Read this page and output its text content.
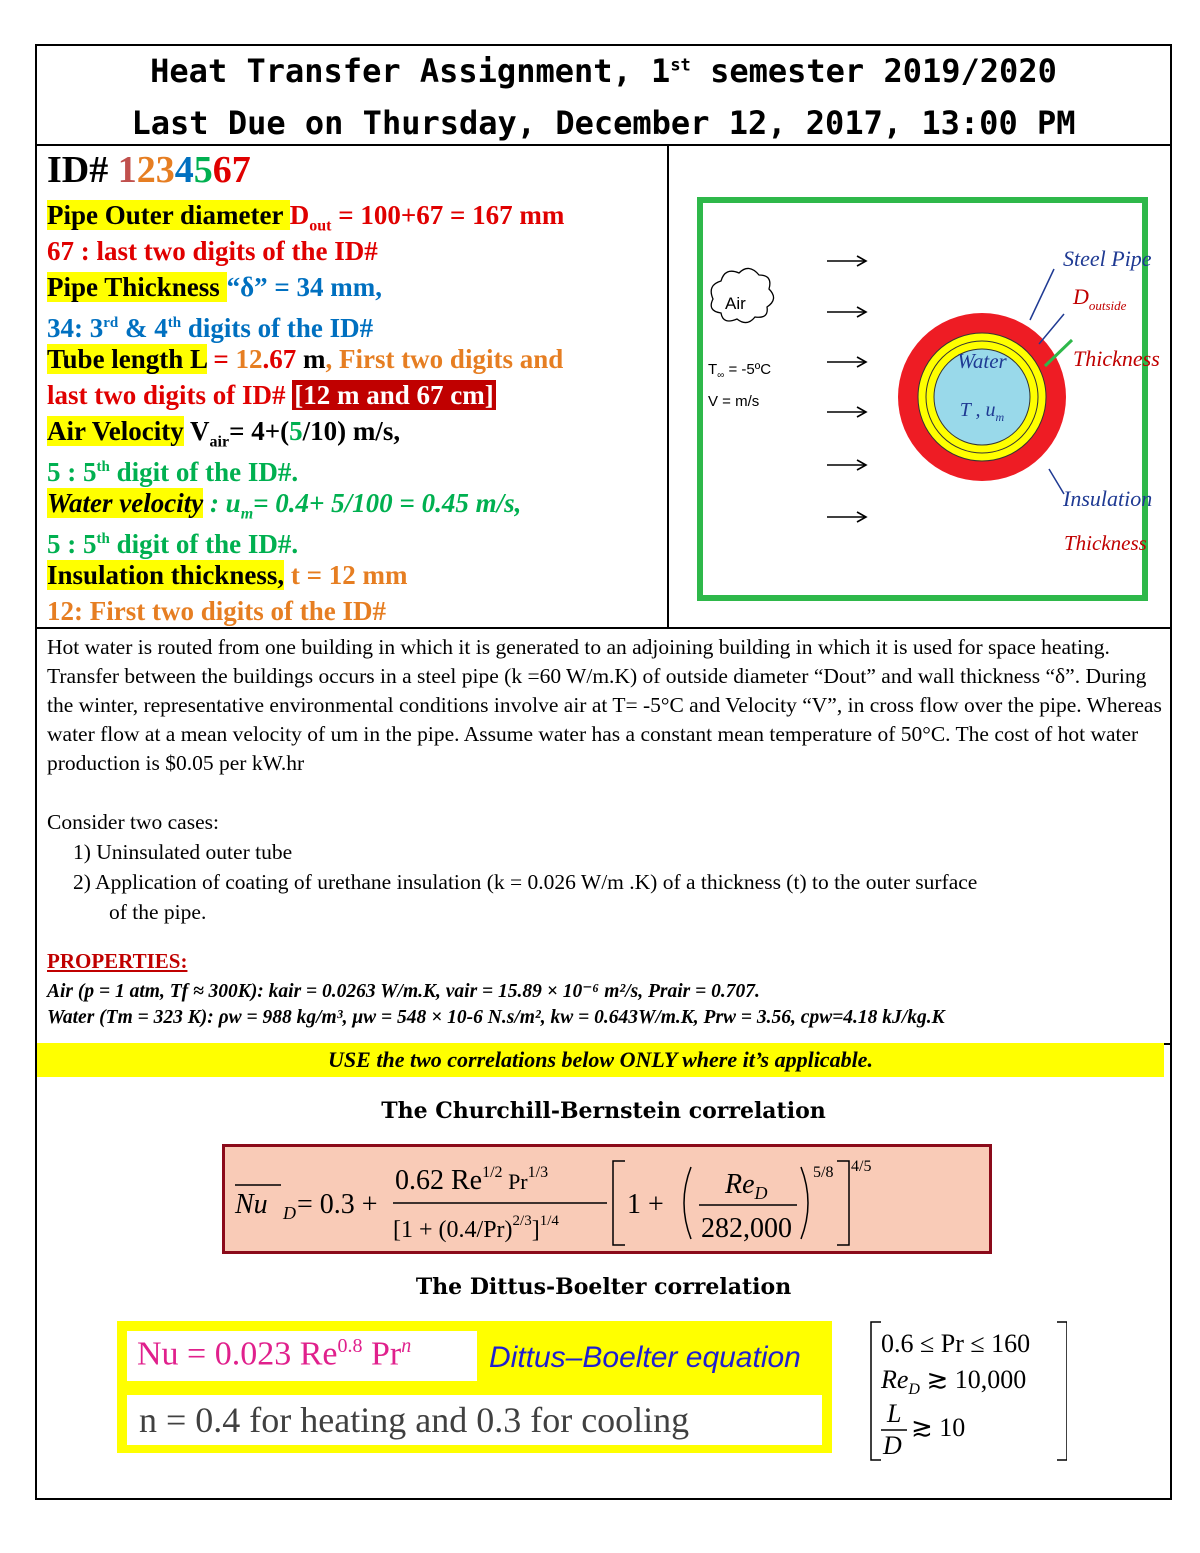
Heat Transfer Assignment, 1st semester 2019/2020
Last Due on Thursday, December 12, 2017, 13:00 PM
ID# 1234567
Pipe Outer diameter $D_{out} = 100+67 = 167$ mm
67 : last two digits of the ID#
Pipe Thickness “δ” = 34 mm,
34: 3rd & 4th digits of the ID#
Tube length L = 12.67 m, First two digits and
last two digits of ID# [12 m and 67 cm]
Air Velocity $V_{air}= 4+(5/10)$ m/s,
5 : 5th digit of the ID#.
Water velocity : $u_m= 0.4+ 5/100 = 0.45$ m/s,
5 : 5th digit of the ID#.
Insulation thickness, t = 12 mm
12: First two digits of the ID#
Air
$T_\infty$ = -5ºC
V = m/s
Water
T , $u_m$
Steel Pipe
$D_{outside}$
Thickness
Insulation
Thickness
Hot water is routed from one building in which it is generated to an adjoining building in which it is used for space heating. Transfer between the buildings occurs in a steel pipe (k =60 W/m.K) of outside diameter “Dout” and wall thickness “δ”. During the winter, representative environmental conditions involve air at T= -5°C and Velocity “V”, in cross flow over the pipe. Whereas water flow at a mean velocity of um in the pipe. Assume water has a constant mean temperature of 50°C. The cost of hot water production is $0.05 per kW.hr
Consider two cases:
1) Uninsulated outer tube
2) Application of coating of urethane insulation (k = 0.026 W/m .K) of a thickness (t) to the outer surface
of the pipe.
PROPERTIES:
Air (p = 1 atm, Tf ≈ 300K): kair = 0.0263 W/m.K, νair = 15.89 × 10⁻⁶ m²/s, Prair = 0.707.
Water (Tm = 323 K): ρw = 988 kg/m³, μw = 548 × 10-6 N.s/m², kw = 0.643W/m.K, Prw = 3.56, cpw=4.18 kJ/kg.K
USE the two correlations below ONLY where it’s applicable.
The Churchill-Bernstein correlation
Nu D = 0.3 +
0.62 $Re^{1/2}$ $_{Pr}^{1/3}$
$[1 + (0.4/Pr)^{2/3}]^{1/4}$
1 +
$Re_D$
282,000
5/8 4/5
The Dittus-Boelter correlation
Nu = 0.023 $Re^{0.8}$ Pr$^n$	Dittus–Boelter equation
n = 0.4 for heating and 0.3 for cooling
0.6 ≤ Pr ≤ 160
$Re_D$ ≳ 10,000
L
D
≳ 10
